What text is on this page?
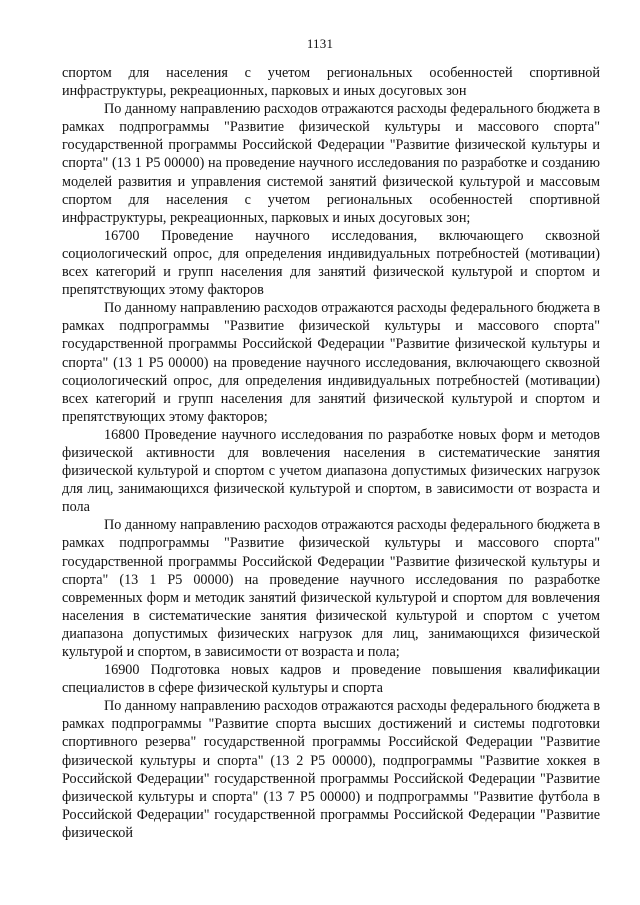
1131

спортом для населения с учетом региональных особенностей спортивной инфраструктуры, рекреационных, парковых и иных досуговых зон

По данному направлению расходов отражаются расходы федерального бюджета в рамках подпрограммы "Развитие физической культуры и массового спорта" государственной программы Российской Федерации "Развитие физической культуры и спорта" (13 1 Р5 00000) на проведение научного исследования по разработке и созданию моделей развития и управления системой занятий физической культурой и массовым спортом для населения с учетом региональных особенностей спортивной инфраструктуры, рекреационных, парковых и иных досуговых зон;

16700 Проведение научного исследования, включающего сквозной социологический опрос, для определения индивидуальных потребностей (мотивации) всех категорий и групп населения для занятий физической культурой и спортом и препятствующих этому факторов

По данному направлению расходов отражаются расходы федерального бюджета в рамках подпрограммы "Развитие физической культуры и массового спорта" государственной программы Российской Федерации "Развитие физической культуры и спорта" (13 1 Р5 00000) на проведение научного исследования, включающего сквозной социологический опрос, для определения индивидуальных потребностей (мотивации) всех категорий и групп населения для занятий физической культурой и спортом и препятствующих этому факторов;

16800 Проведение научного исследования по разработке новых форм и методов физической активности для вовлечения населения в систематические занятия физической культурой и спортом с учетом диапазона допустимых физических нагрузок для лиц, занимающихся физической культурой и спортом, в зависимости от возраста и пола

По данному направлению расходов отражаются расходы федерального бюджета в рамках подпрограммы "Развитие физической культуры и массового спорта" государственной программы Российской Федерации "Развитие физической культуры и спорта" (13 1 Р5 00000) на проведение научного исследования по разработке современных форм и методик занятий физической культурой и спортом для вовлечения населения в систематические занятия физической культурой и спортом с учетом диапазона допустимых физических нагрузок для лиц, занимающихся физической культурой и спортом, в зависимости от возраста и пола;

16900 Подготовка новых кадров и проведение повышения квалификации специалистов в сфере физической культуры и спорта

По данному направлению расходов отражаются расходы федерального бюджета в рамках подпрограммы "Развитие спорта высших достижений и системы подготовки спортивного резерва" государственной программы Российской Федерации "Развитие физической культуры и спорта" (13 2 Р5 00000), подпрограммы "Развитие хоккея в Российской Федерации" государственной программы Российской Федерации "Развитие физической культуры и спорта" (13 7 Р5 00000) и подпрограммы "Развитие футбола в Российской Федерации" государственной программы Российской Федерации "Развитие физической
